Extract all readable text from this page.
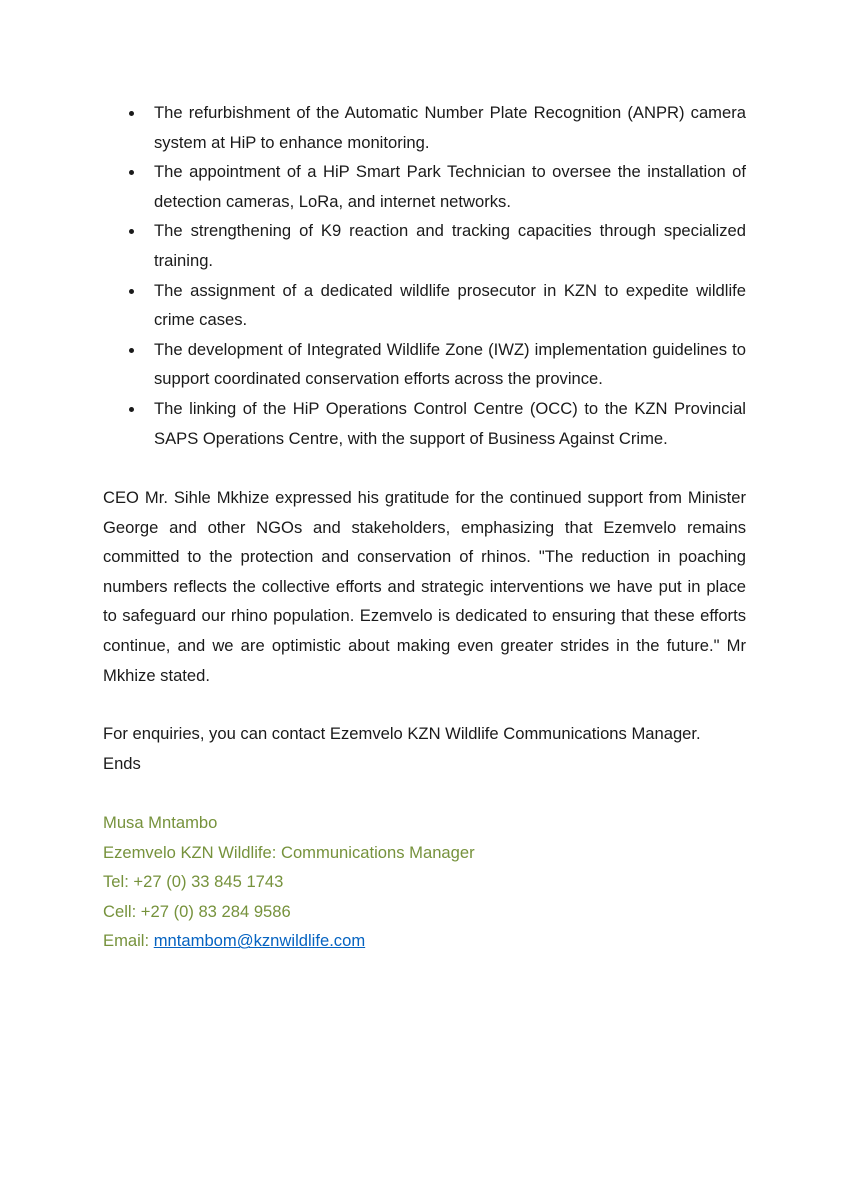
The refurbishment of the Automatic Number Plate Recognition (ANPR) camera system at HiP to enhance monitoring.
The appointment of a HiP Smart Park Technician to oversee the installation of detection cameras, LoRa, and internet networks.
The strengthening of K9 reaction and tracking capacities through specialized training.
The assignment of a dedicated wildlife prosecutor in KZN to expedite wildlife crime cases.
The development of Integrated Wildlife Zone (IWZ) implementation guidelines to support coordinated conservation efforts across the province.
The linking of the HiP Operations Control Centre (OCC) to the KZN Provincial SAPS Operations Centre, with the support of Business Against Crime.

CEO Mr. Sihle Mkhize expressed his gratitude for the continued support from Minister George and other NGOs and stakeholders, emphasizing that Ezemvelo remains committed to the protection and conservation of rhinos. "The reduction in poaching numbers reflects the collective efforts and strategic interventions we have put in place to safeguard our rhino population. Ezemvelo is dedicated to ensuring that these efforts continue, and we are optimistic about making even greater strides in the future." Mr Mkhize stated.

For enquiries, you can contact Ezemvelo KZN Wildlife Communications Manager.

Ends

Musa Mntambo
Ezemvelo KZN Wildlife: Communications Manager
Tel: +27 (0) 33 845 1743
Cell: +27 (0) 83 284 9586
Email: mntambom@kznwildlife.com
